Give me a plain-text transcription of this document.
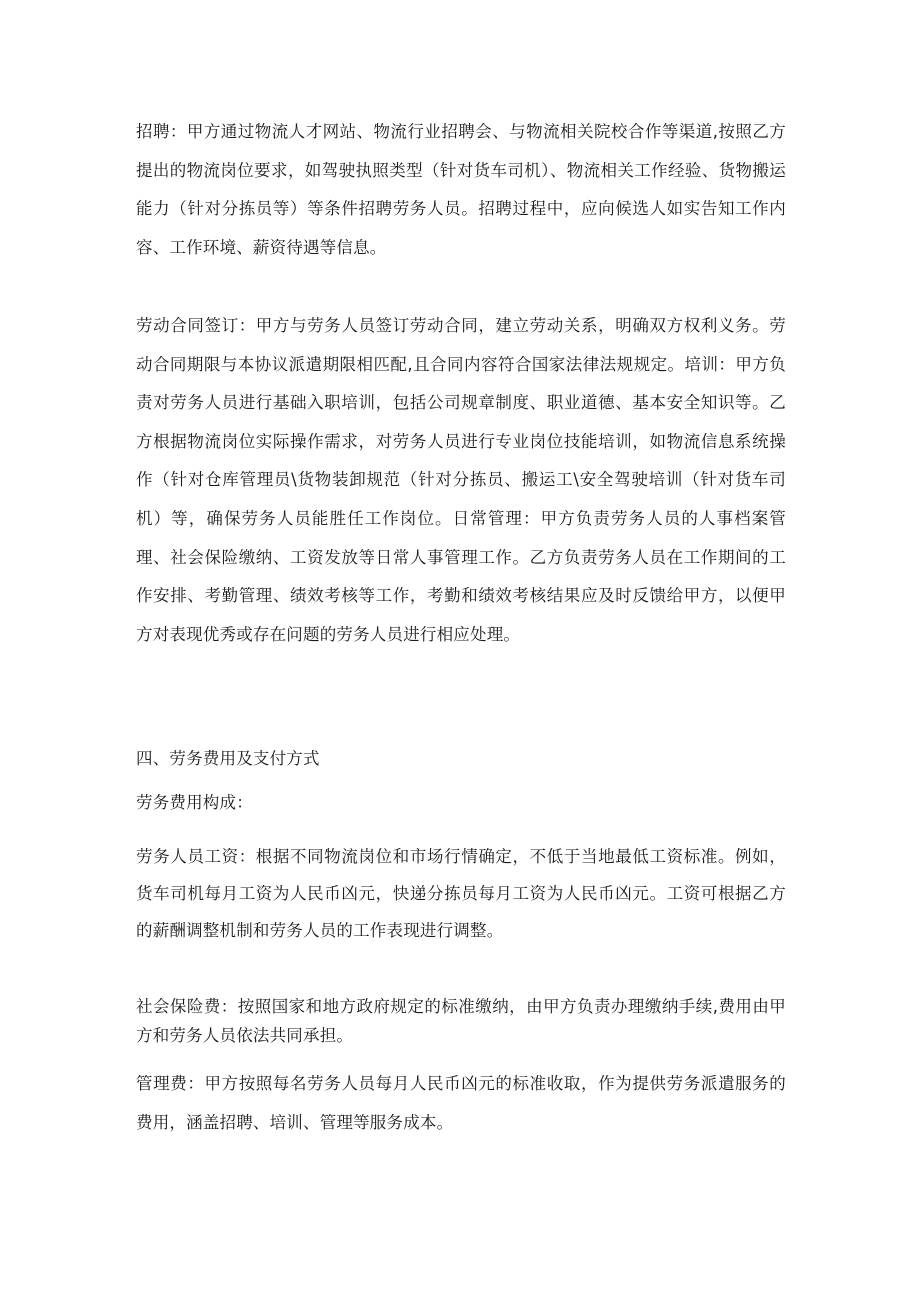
招聘：甲方通过物流人才网站、物流行业招聘会、与物流相关院校合作等渠道,按照乙方提出的物流岗位要求，如驾驶执照类型（针对货车司机）、物流相关工作经验、货物搬运能力（针对分拣员等）等条件招聘劳务人员。招聘过程中，应向候选人如实告知工作内容、工作环境、薪资待遇等信息。

劳动合同签订：甲方与劳务人员签订劳动合同，建立劳动关系，明确双方权利义务。劳动合同期限与本协议派遣期限相匹配,且合同内容符合国家法律法规规定。培训：甲方负责对劳务人员进行基础入职培训，包括公司规章制度、职业道德、基本安全知识等。乙方根据物流岗位实际操作需求，对劳务人员进行专业岗位技能培训，如物流信息系统操作（针对仓库管理员\货物装卸规范（针对分拣员、搬运工\安全驾驶培训（针对货车司机）等，确保劳务人员能胜任工作岗位。日常管理：甲方负责劳务人员的人事档案管理、社会保险缴纳、工资发放等日常人事管理工作。乙方负责劳务人员在工作期间的工作安排、考勤管理、绩效考核等工作，考勤和绩效考核结果应及时反馈给甲方，以便甲方对表现优秀或存在问题的劳务人员进行相应处理。

四、劳务费用及支付方式

劳务费用构成：

劳务人员工资：根据不同物流岗位和市场行情确定，不低于当地最低工资标准。例如，货车司机每月工资为人民币凶元，快递分拣员每月工资为人民币凶元。工资可根据乙方的薪酬调整机制和劳务人员的工作表现进行调整。

社会保险费：按照国家和地方政府规定的标准缴纳，由甲方负责办理缴纳手续,费用由甲方和劳务人员依法共同承担。

管理费：甲方按照每名劳务人员每月人民币凶元的标准收取，作为提供劳务派遣服务的费用，涵盖招聘、培训、管理等服务成本。
